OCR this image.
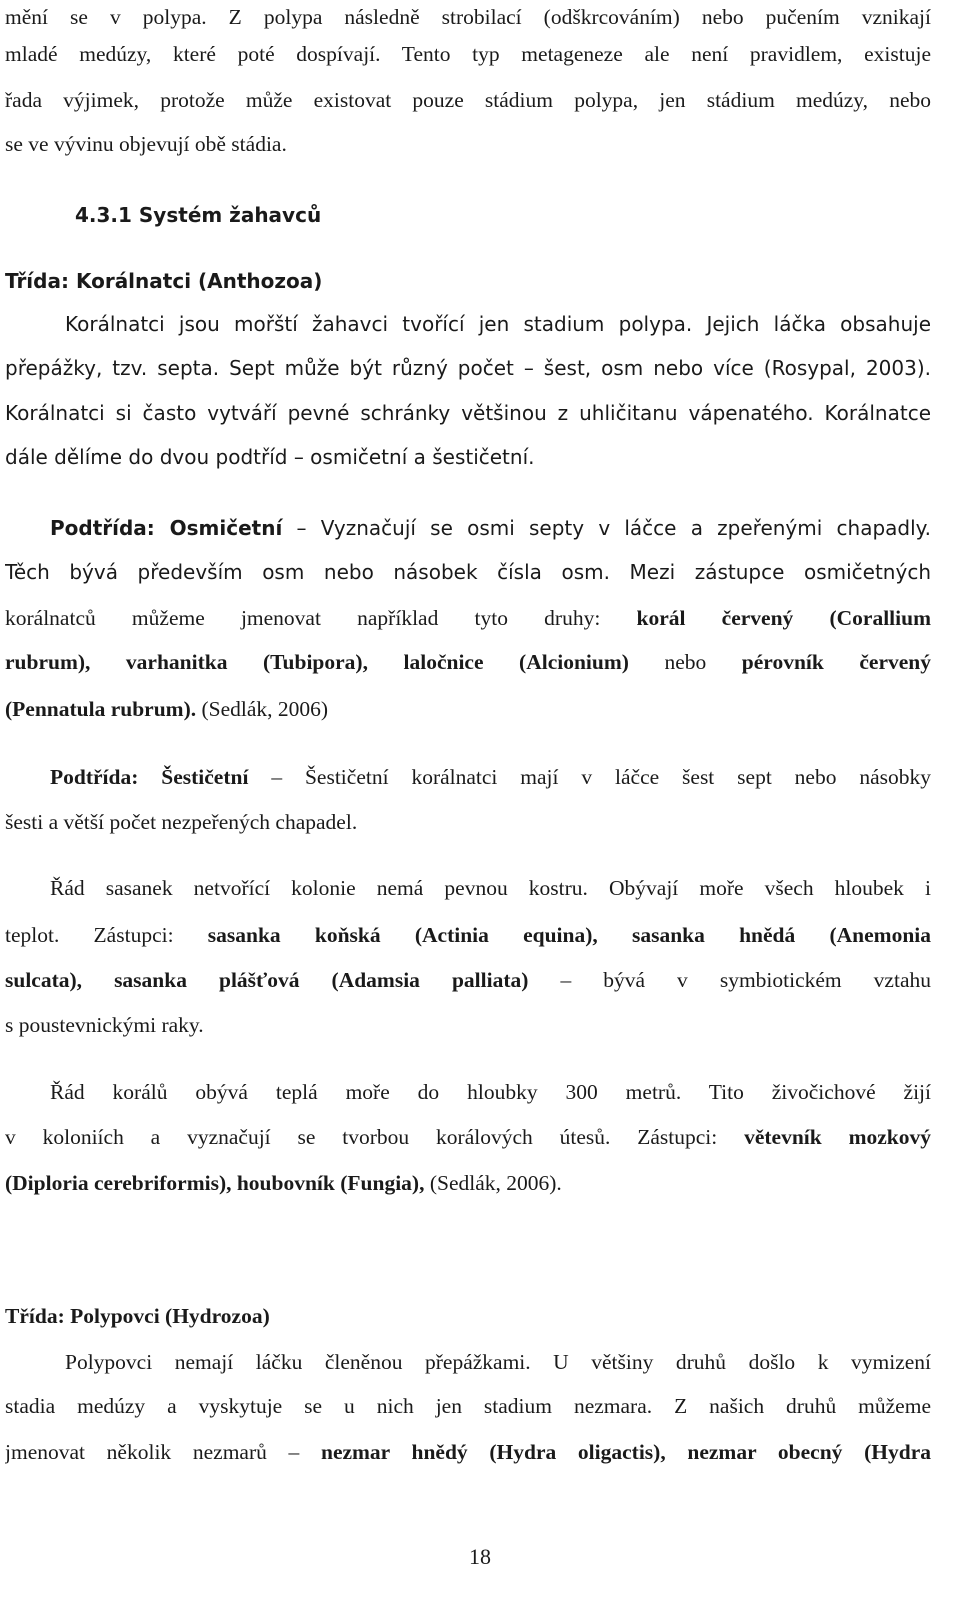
mění se v polypa. Z polypa následně strobilací (odškrcováním) nebo pučením vznikají
mladé medúzy, které poté dospívají. Tento typ metageneze ale není pravidlem, existuje
řada výjimek, protože může existovat pouze stádium polypa, jen stádium medúzy, nebo
se ve vývinu objevují obě stádia.
4.3.1 Systém žahavců
Třída: Korálnatci (Anthozoa)
Korálnatci jsou mořští žahavci tvořící jen stadium polypa. Jejich láčka obsahuje
přepážky, tzv. septa. Sept může být různý počet – šest, osm nebo více (Rosypal, 2003).
Korálnatci si často vytváří pevné schránky většinou z uhličitanu vápenatého. Korálnatce
dále dělíme do dvou podtříd – osmičetní a šestičetní.
Podtřída: Osmičetní – Vyznačují se osmi septy v láčce a zpeřenými chapadly.
Těch bývá především osm nebo násobek čísla osm. Mezi zástupce osmičetných
korálnatců můžeme jmenovat například tyto druhy: korál červený (Corallium
rubrum), varhanitka (Tubipora), laločnice (Alcionium) nebo pérovník červený
(Pennatula rubrum). (Sedlák, 2006)
Podtřída: Šestičetní – Šestičetní korálnatci mají v láčce šest sept nebo násobky
šesti a větší počet nezpeřených chapadel.
Řád sasanek netvořící kolonie nemá pevnou kostru. Obývají moře všech hloubek i
teplot. Zástupci: sasanka koňská (Actinia equina), sasanka hnědá (Anemonia
sulcata), sasanka plášťová (Adamsia palliata) – bývá v symbiotickém vztahu
s poustevnickými raky.
Řád korálů obývá teplá moře do hloubky 300 metrů. Tito živočichové žijí
v koloniích a vyznačují se tvorbou korálových útesů. Zástupci: větevník mozkový
(Diploria cerebriformis), houbovník (Fungia), (Sedlák, 2006).
Třída: Polypovci (Hydrozoa)
Polypovci nemají láčku členěnou přepážkami. U většiny druhů došlo k vymizení
stadia medúzy a vyskytuje se u nich jen stadium nezmara. Z našich druhů můžeme
jmenovat několik nezmarů – nezmar hnědý (Hydra oligactis), nezmar obecný (Hydra
18
